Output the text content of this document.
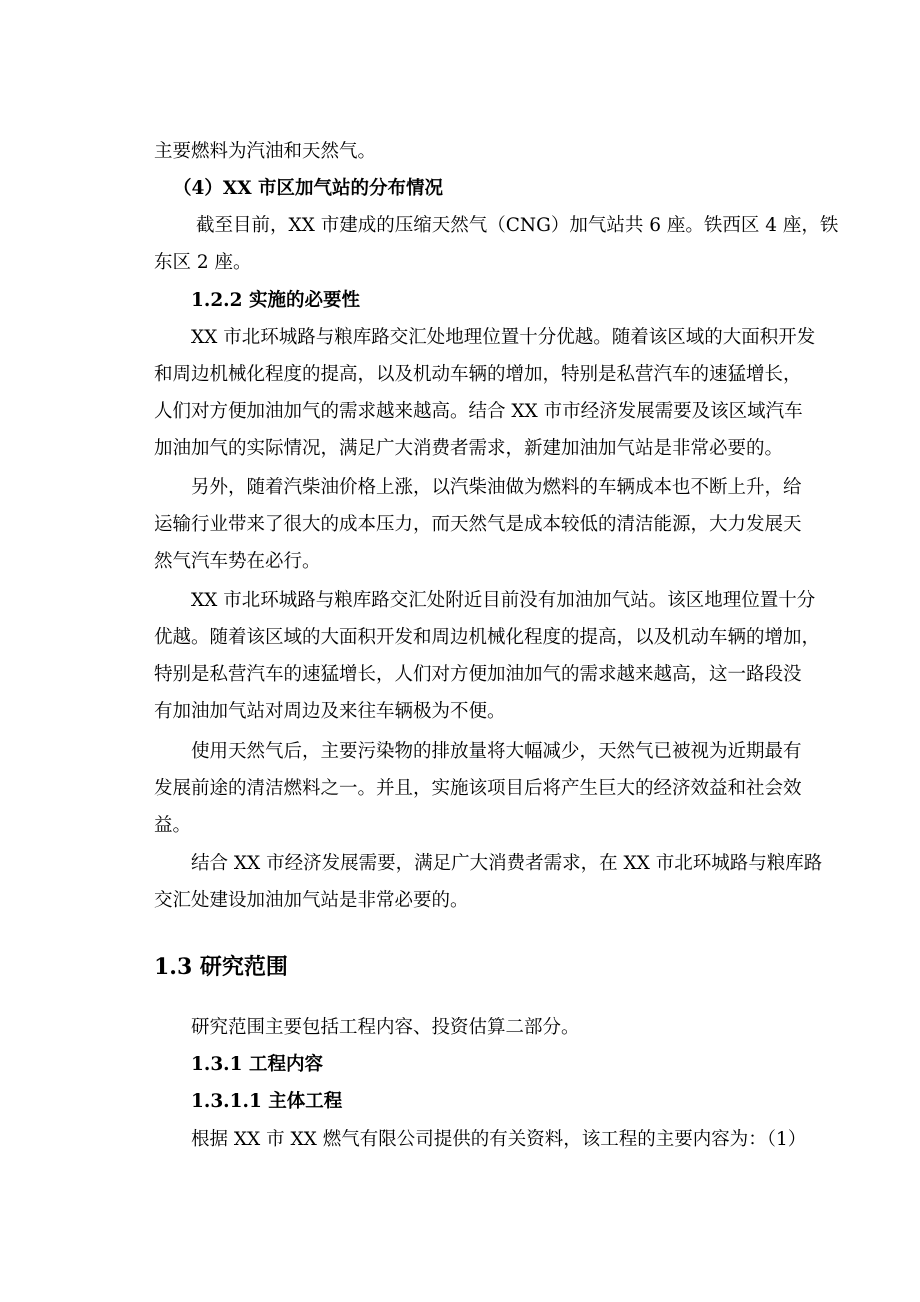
主要燃料为汽油和天然气。
（4）XX 市区加气站的分布情况
截至目前，XX 市建成的压缩天然气（CNG）加气站共 6 座。铁西区 4 座，铁
东区 2 座。
1.2.2 实施的必要性
XX 市北环城路与粮库路交汇处地理位置十分优越。随着该区域的大面积开发
和周边机械化程度的提高，以及机动车辆的增加，特别是私营汽车的速猛增长，
人们对方便加油加气的需求越来越高。结合 XX 市市经济发展需要及该区域汽车
加油加气的实际情况，满足广大消费者需求，新建加油加气站是非常必要的。
另外，随着汽柴油价格上涨，以汽柴油做为燃料的车辆成本也不断上升，给
运输行业带来了很大的成本压力，而天然气是成本较低的清洁能源，大力发展天
然气汽车势在必行。
XX 市北环城路与粮库路交汇处附近目前没有加油加气站。该区地理位置十分
优越。随着该区域的大面积开发和周边机械化程度的提高，以及机动车辆的增加，
特别是私营汽车的速猛增长，人们对方便加油加气的需求越来越高，这一路段没
有加油加气站对周边及来往车辆极为不便。
使用天然气后，主要污染物的排放量将大幅减少，天然气已被视为近期最有
发展前途的清洁燃料之一。并且，实施该项目后将产生巨大的经济效益和社会效
益。
结合 XX 市经济发展需要，满足广大消费者需求，在 XX 市北环城路与粮库路
交汇处建设加油加气站是非常必要的。
1.3 研究范围
研究范围主要包括工程内容、投资估算二部分。
1.3.1 工程内容
1.3.1.1 主体工程
根据 XX 市 XX 燃气有限公司提供的有关资料，该工程的主要内容为：（1）
